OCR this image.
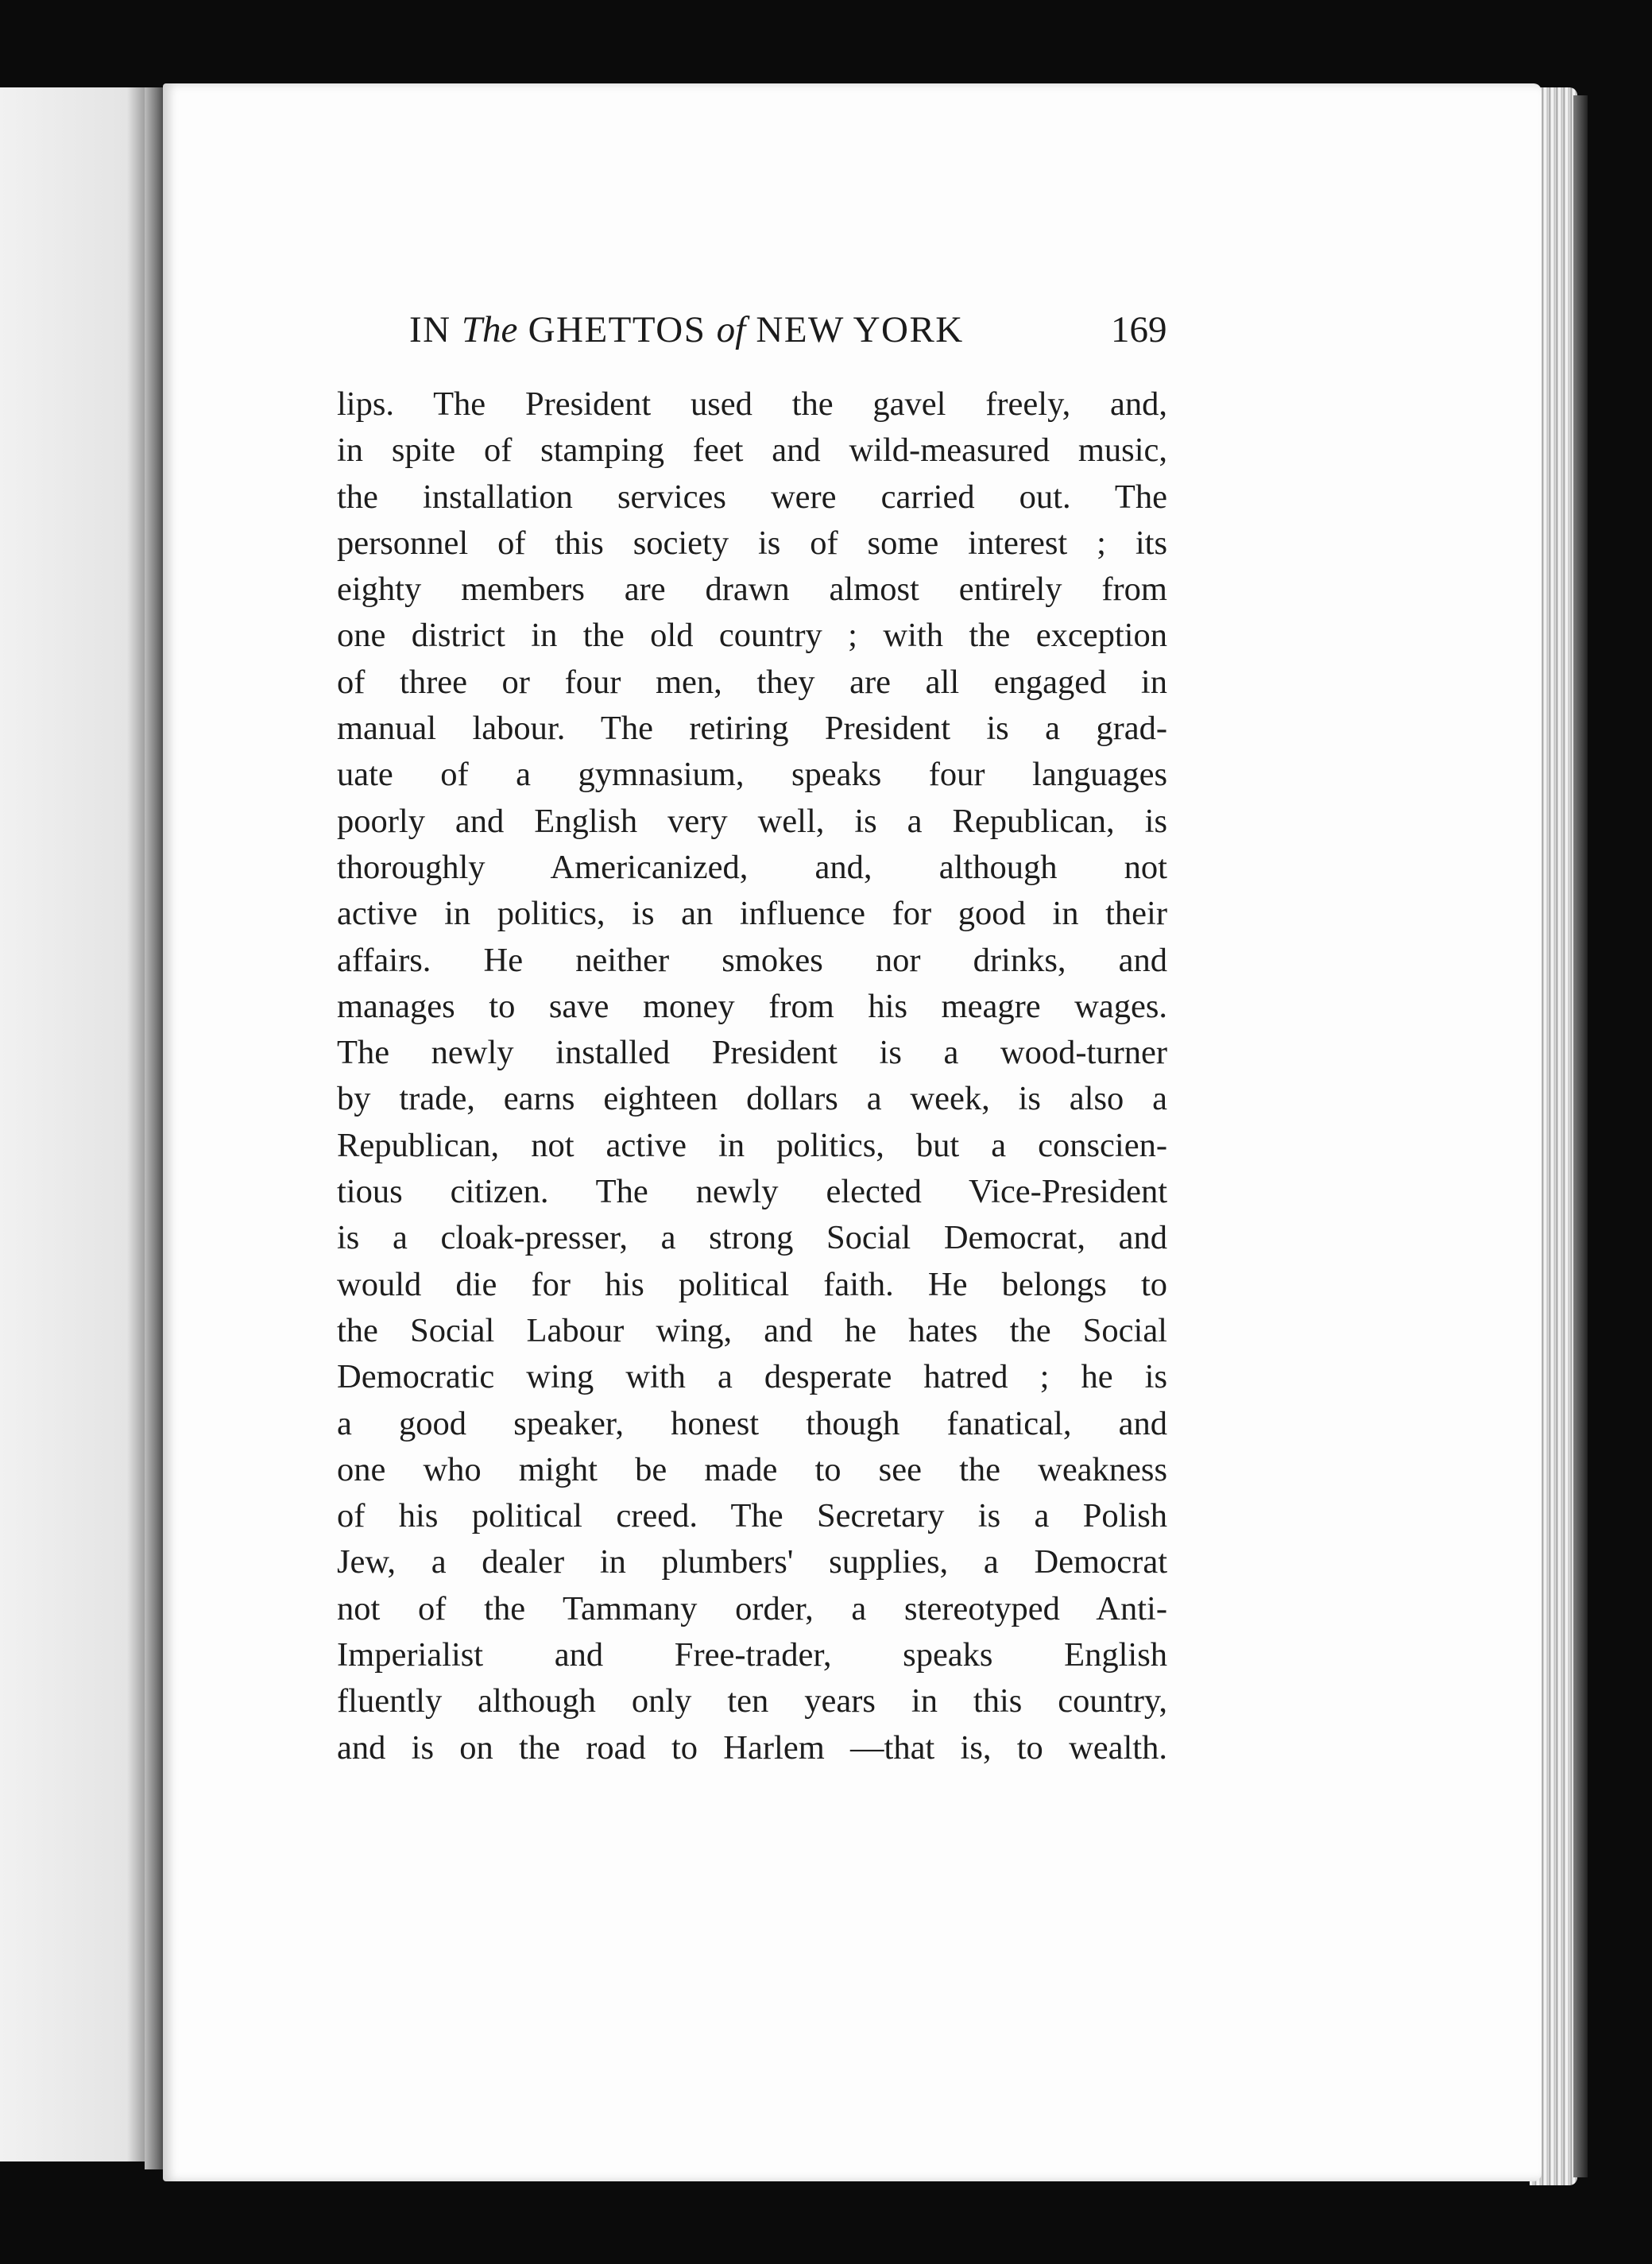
IN The GHETTOS of NEW YORK	169
lips. The President used the gavel freely, and,
in spite of stamping feet and wild-measured music,
the installation services were carried out. The
personnel of this society is of some interest ; its
eighty members are drawn almost entirely from
one district in the old country ; with the exception
of three or four men, they are all engaged in
manual labour. The retiring President is a grad-
uate of a gymnasium, speaks four languages
poorly and English very well, is a Republican, is
thoroughly Americanized, and, although not
active in politics, is an influence for good in their
affairs. He neither smokes nor drinks, and
manages to save money from his meagre wages.
The newly installed President is a wood-turner
by trade, earns eighteen dollars a week, is also a
Republican, not active in politics, but a conscien-
tious citizen. The newly elected Vice-President
is a cloak-presser, a strong Social Democrat, and
would die for his political faith. He belongs to
the Social Labour wing, and he hates the Social
Democratic wing with a desperate hatred ; he is
a good speaker, honest though fanatical, and
one who might be made to see the weakness
of his political creed. The Secretary is a Polish
Jew, a dealer in plumbers' supplies, a Democrat
not of the Tammany order, a stereotyped Anti-
Imperialist and Free-trader, speaks English
fluently although only ten years in this country,
and is on the road to Harlem —that is, to wealth.
